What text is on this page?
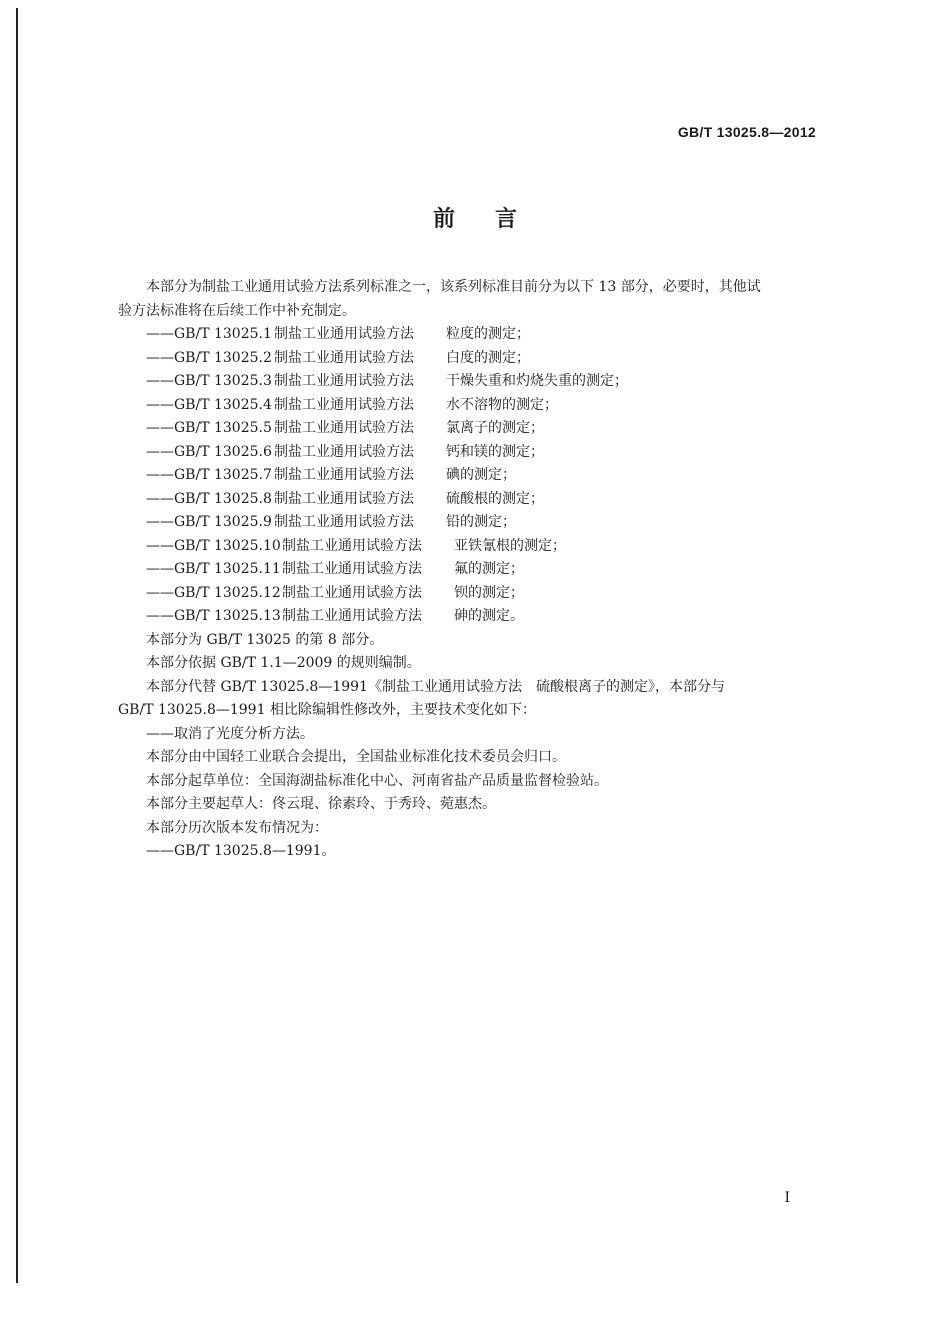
GB/T 13025.8—2012
前言

本部分为制盐工业通用试验方法系列标准之一，该系列标准目前分为以下 13 部分，必要时，其他试

验方法标准将在后续工作中补充制定。

——GB/T 13025.1 制盐工业通用试验方法 粒度的测定；

——GB/T 13025.2 制盐工业通用试验方法 白度的测定；

——GB/T 13025.3 制盐工业通用试验方法 干燥失重和灼烧失重的测定；

——GB/T 13025.4 制盐工业通用试验方法 水不溶物的测定；

——GB/T 13025.5 制盐工业通用试验方法 氯离子的测定；

——GB/T 13025.6 制盐工业通用试验方法 钙和镁的测定；

——GB/T 13025.7 制盐工业通用试验方法 碘的测定；

——GB/T 13025.8 制盐工业通用试验方法 硫酸根的测定；

——GB/T 13025.9 制盐工业通用试验方法 铅的测定；

——GB/T 13025.10制盐工业通用试验方法 亚铁氰根的测定；

——GB/T 13025.11制盐工业通用试验方法 氟的测定；

——GB/T 13025.12制盐工业通用试验方法 钡的测定；

——GB/T 13025.13制盐工业通用试验方法 砷的测定。

本部分为 GB/T 13025 的第 8 部分。

本部分依据 GB/T 1.1—2009 的规则编制。

本部分代替 GB/T 13025.8—1991《制盐工业通用试验方法　硫酸根离子的测定》，本部分与

GB/T 13025.8—1991 相比除编辑性修改外，主要技术变化如下：

——取消了光度分析方法。

本部分由中国轻工业联合会提出，全国盐业标准化技术委员会归口。

本部分起草单位：全国海湖盐标准化中心、河南省盐产品质量监督检验站。

本部分主要起草人：佟云琨、徐素玲、于秀玲、菀惠杰。

本部分历次版本发布情况为：

——GB/T 13025.8—1991。

I
